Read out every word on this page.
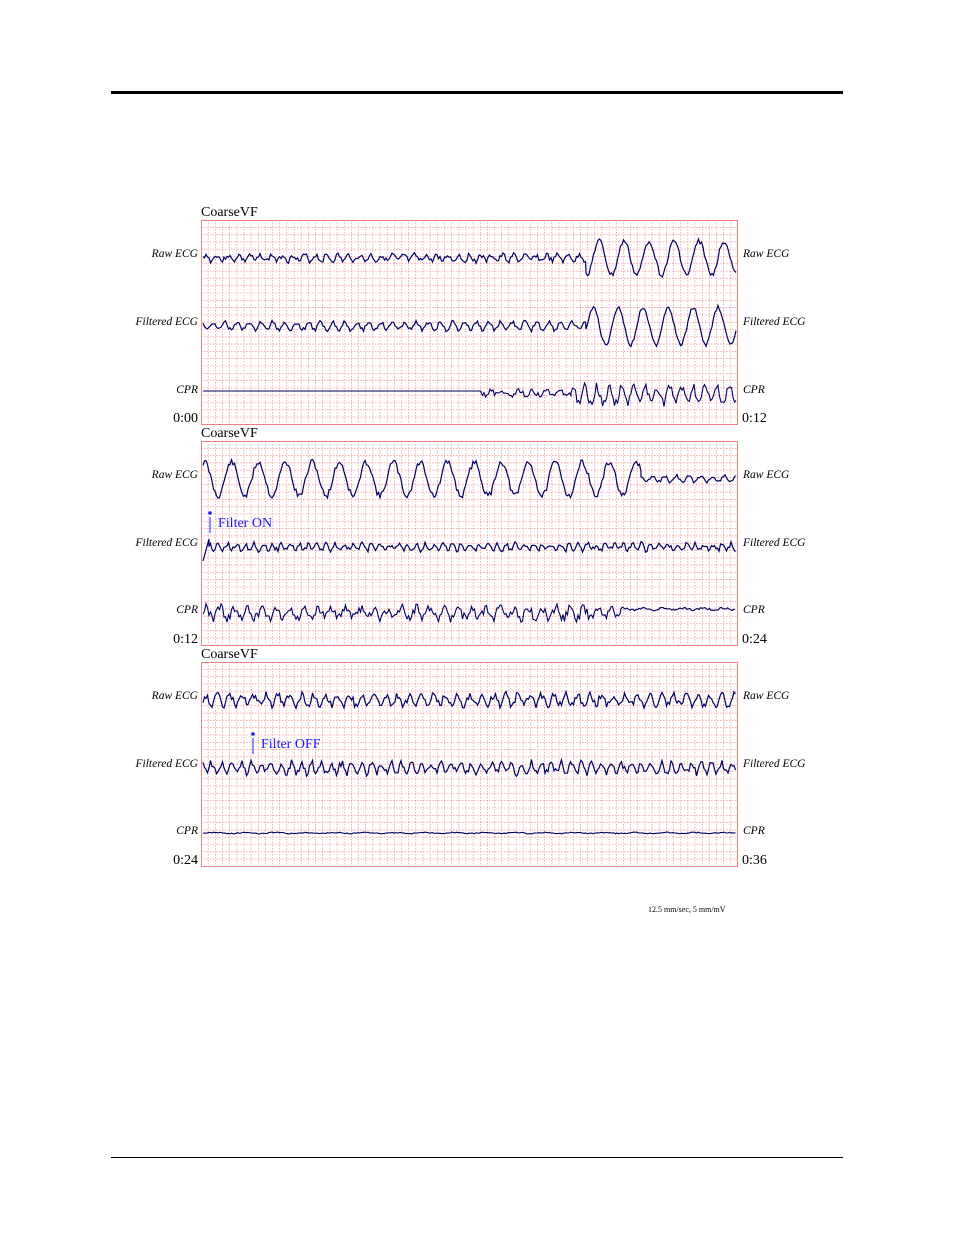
CoarseVF
Raw ECG	Raw ECG
Filtered ECG	Filtered ECG
CPR	CPR
0:00	0:12
CoarseVF
Raw ECG	Raw ECG
Filtered ECG	Filtered ECG
CPR	CPR
Filter ON
0:12	0:24
CoarseVF
Raw ECG	Raw ECG
Filtered ECG	Filtered ECG
CPR	CPR
Filter OFF
0:24	0:36
12.5 mm/sec, 5 mm/mV
